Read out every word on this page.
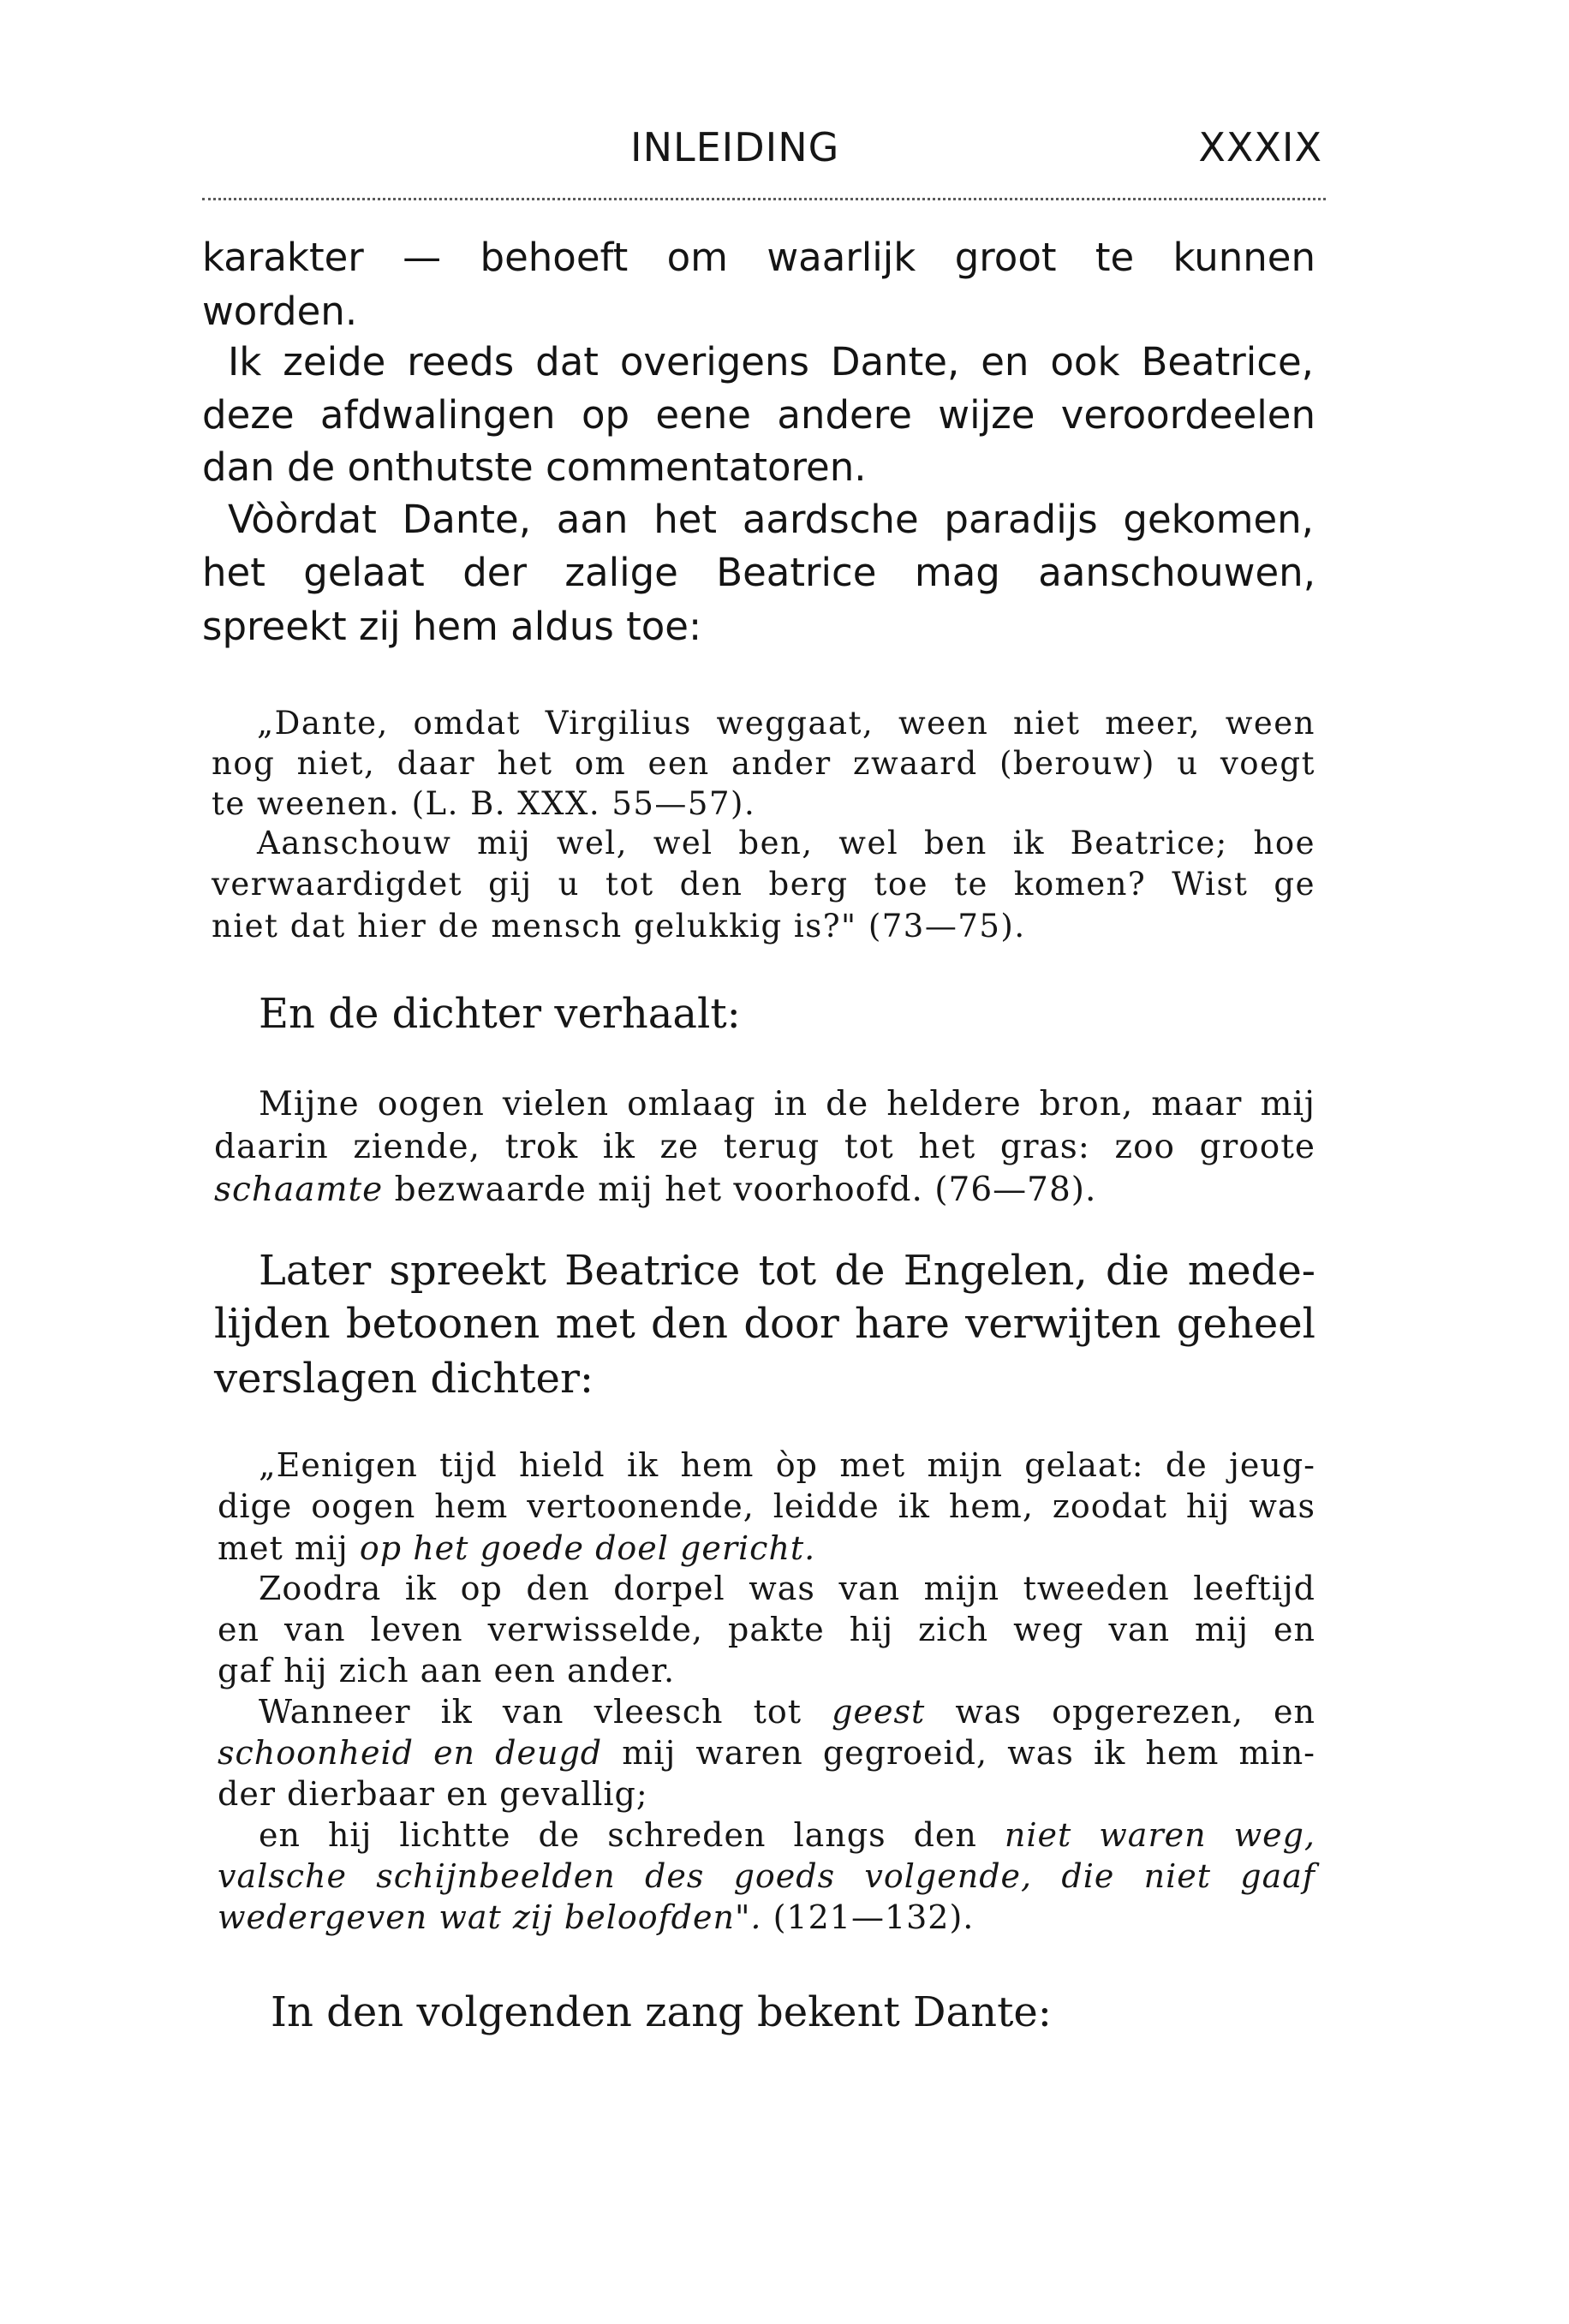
INLEIDING	XXXIX
karakter — behoeft om waarlijk groot te kunnen
worden.
Ik zeide reeds dat overigens Dante, en ook Beatrice,
deze afdwalingen op eene andere wijze veroordeelen
dan de onthutste commentatoren.
Vòòrdat Dante, aan het aardsche paradijs gekomen,
het gelaat der zalige Beatrice mag aanschouwen,
spreekt zij hem aldus toe:
„Dante, omdat Virgilius weggaat, ween niet meer, ween
nog niet, daar het om een ander zwaard (berouw) u voegt
te weenen. (L. B. XXX. 55—57).
Aanschouw mij wel, wel ben, wel ben ik Beatrice; hoe
verwaardigdet gij u tot den berg toe te komen? Wist ge
niet dat hier de mensch gelukkig is?" (73—75).
En de dichter verhaalt:
Mijne oogen vielen omlaag in de heldere bron, maar mij
daarin ziende, trok ik ze terug tot het gras: zoo groote
schaamte bezwaarde mij het voorhoofd. (76—78).
Later spreekt Beatrice tot de Engelen, die mede-
lijden betoonen met den door hare verwijten geheel
verslagen dichter:
„Eenigen tijd hield ik hem òp met mijn gelaat: de jeug-
dige oogen hem vertoonende, leidde ik hem, zoodat hij was
met mij op het goede doel gericht.
Zoodra ik op den dorpel was van mijn tweeden leeftijd
en van leven verwisselde, pakte hij zich weg van mij en
gaf hij zich aan een ander.
Wanneer ik van vleesch tot geest was opgerezen, en
schoonheid en deugd mij waren gegroeid, was ik hem min-
der dierbaar en gevallig;
en hij lichtte de schreden langs den niet waren weg,
valsche schijnbeelden des goeds volgende, die niet gaaf
wedergeven wat zij beloofden". (121—132).
In den volgenden zang bekent Dante:
